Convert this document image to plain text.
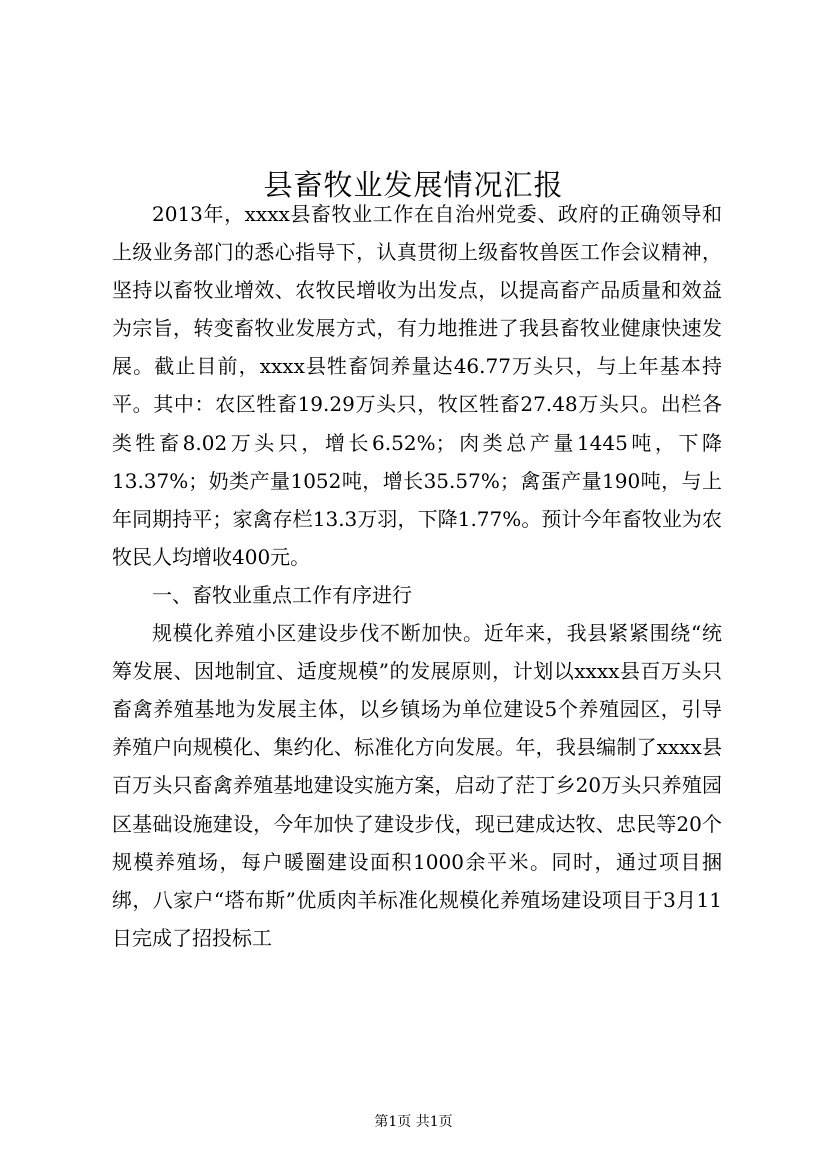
县畜牧业发展情况汇报

2013年，xxxx县畜牧业工作在自治州党委、政府的正确领导和上级业务部门的悉心指导下，认真贯彻上级畜牧兽医工作会议精神，坚持以畜牧业增效、农牧民增收为出发点，以提高畜产品质量和效益为宗旨，转变畜牧业发展方式，有力地推进了我县畜牧业健康快速发展。截止目前，xxxx县牲畜饲养量达46.77万头只，与上年基本持平。其中：农区牲畜19.29万头只，牧区牲畜27.48万头只。出栏各类牲畜8.02万头只，增长6.52%；肉类总产量1445吨，下降13.37%；奶类产量1052吨，增长35.57%；禽蛋产量190吨，与上年同期持平；家禽存栏13.3万羽，下降1.77%。预计今年畜牧业为农牧民人均增收400元。

一、畜牧业重点工作有序进行

规模化养殖小区建设步伐不断加快。近年来，我县紧紧围绕“统筹发展、因地制宜、适度规模”的发展原则，计划以xxxx县百万头只畜禽养殖基地为发展主体，以乡镇场为单位建设5个养殖园区，引导养殖户向规模化、集约化、标准化方向发展。年，我县编制了xxxx县百万头只畜禽养殖基地建设实施方案，启动了茫丁乡20万头只养殖园区基础设施建设，今年加快了建设步伐，现已建成达牧、忠民等20个规模养殖场，每户暖圈建设面积1000余平米。同时，通过项目捆绑，八家户“塔布斯”优质肉羊标准化规模化养殖场建设项目于3月11日完成了招投标工

第1页 共1页
